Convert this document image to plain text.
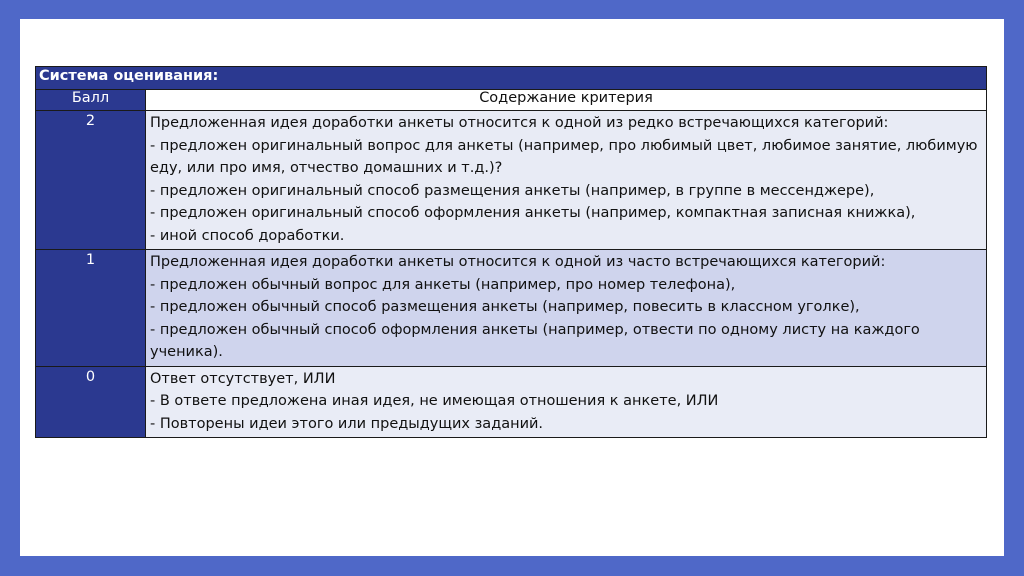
Система оценивания:	
Балл	Содержание критерия
2	Предложенная идея доработки анкеты относится к одной из редко встречающихся категорий:
- предложен оригинальный вопрос для анкеты (например, про любимый цвет, любимое занятие, любимую еду, или про имя, отчество домашних и т.д.)?
- предложен оригинальный способ размещения анкеты (например, в группе в мессенджере),
- предложен оригинальный способ оформления анкеты (например, компактная записная книжка),
- иной способ доработки.

1	Предложенная идея доработки анкеты относится к одной из часто встречающихся категорий:
- предложен обычный вопрос для анкеты (например, про номер телефона),
- предложен обычный способ размещения анкеты (например, повесить в классном уголке),
- предложен обычный способ оформления анкеты (например, отвести по одному листу на каждого ученика).

0	Ответ отсутствует, ИЛИ
- В ответе предложена иная идея, не имеющая отношения к анкете, ИЛИ
- Повторены идеи этого или предыдущих заданий.
